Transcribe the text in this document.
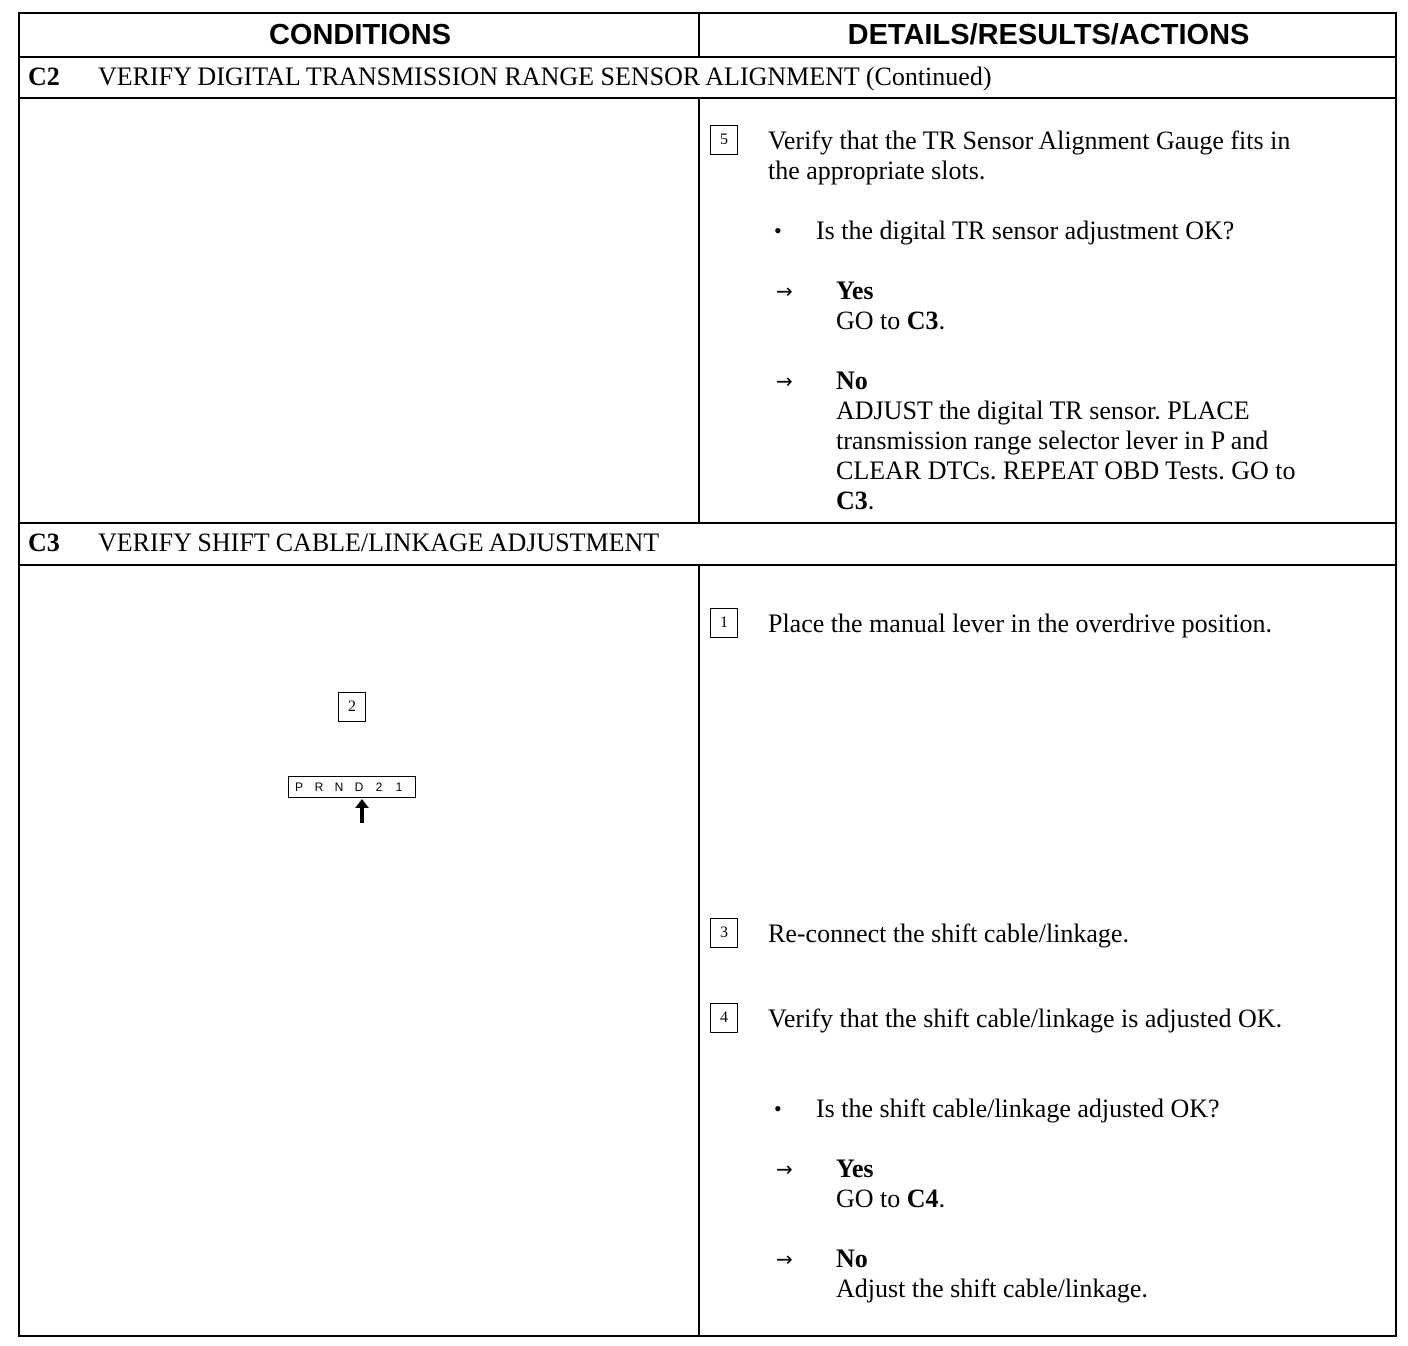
CONDITIONS	DETAILS/RESULTS/ACTIONS
C2 VERIFY DIGITAL TRANSMISSION RANGE SENSOR ALIGNMENT (Continued)
5	Verify that the TR Sensor Alignment Gauge fits in
the appropriate slots.
• Is the digital TR sensor adjustment OK?
→ Yes
GO to C3.
→ No
ADJUST the digital TR sensor. PLACE
transmission range selector lever in P and
CLEAR DTCs. REPEAT OBD Tests. GO to
C3.
C3 VERIFY SHIFT CABLE/LINKAGE ADJUSTMENT
1	Place the manual lever in the overdrive position.
2
P R N D	2	1
3	Re-connect the shift cable/linkage.
4	Verify that the shift cable/linkage is adjusted OK.
• Is the shift cable/linkage adjusted OK?
→ Yes
GO to C4.
→ No
Adjust the shift cable/linkage.
